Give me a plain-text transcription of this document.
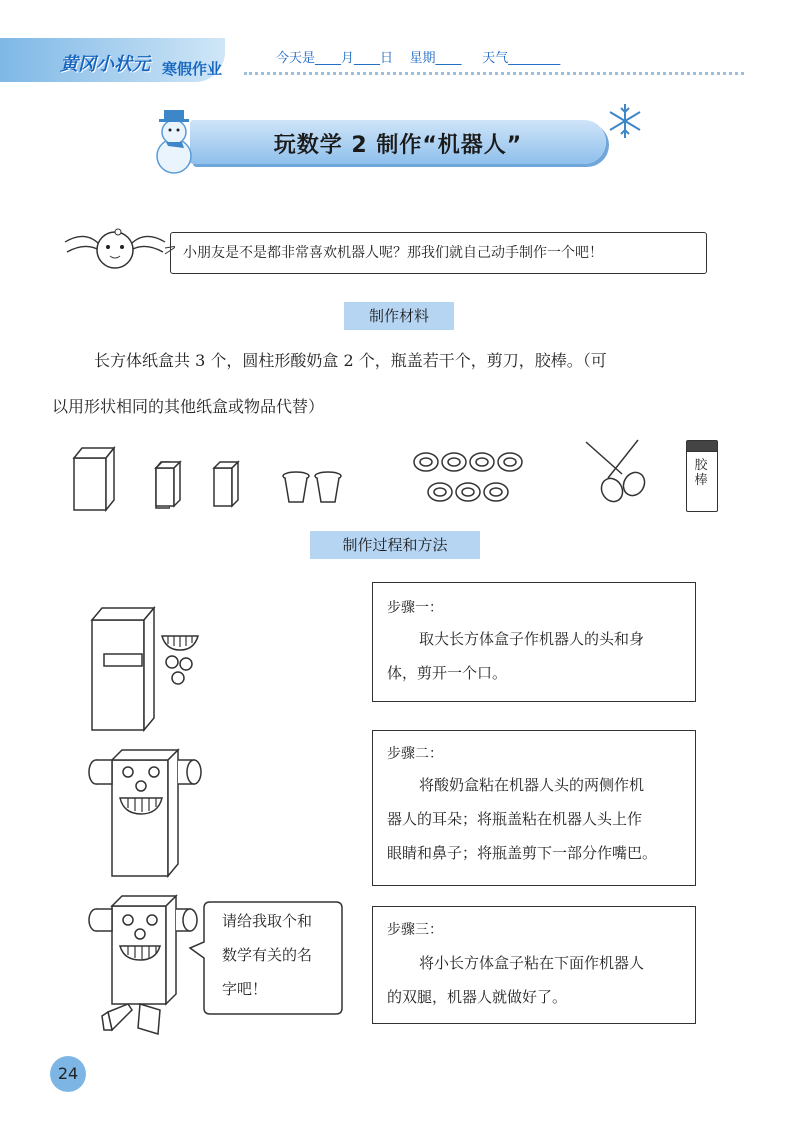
黄冈小状元 寒假作业
今天是____月____日    星期____     天气________
玩数学 2 制作“机器人”
小朋友是不是都非常喜欢机器人呢？那我们就自己动手制作一个吧！
制作材料
长方体纸盒共 3 个，圆柱形酸奶盒 2 个，瓶盖若干个，剪刀，胶棒。（可
以用形状相同的其他纸盒或物品代替）
胶棒
制作过程和方法
步骤一：
取大长方体盒子作机器人的头和身
体，剪开一个口。
步骤二：
将酸奶盒粘在机器人头的两侧作机
器人的耳朵；将瓶盖粘在机器人头上作
眼睛和鼻子；将瓶盖剪下一部分作嘴巴。
请给我取个和
数学有关的名
字吧！
步骤三：
将小长方体盒子粘在下面作机器人
的双腿，机器人就做好了。
24
